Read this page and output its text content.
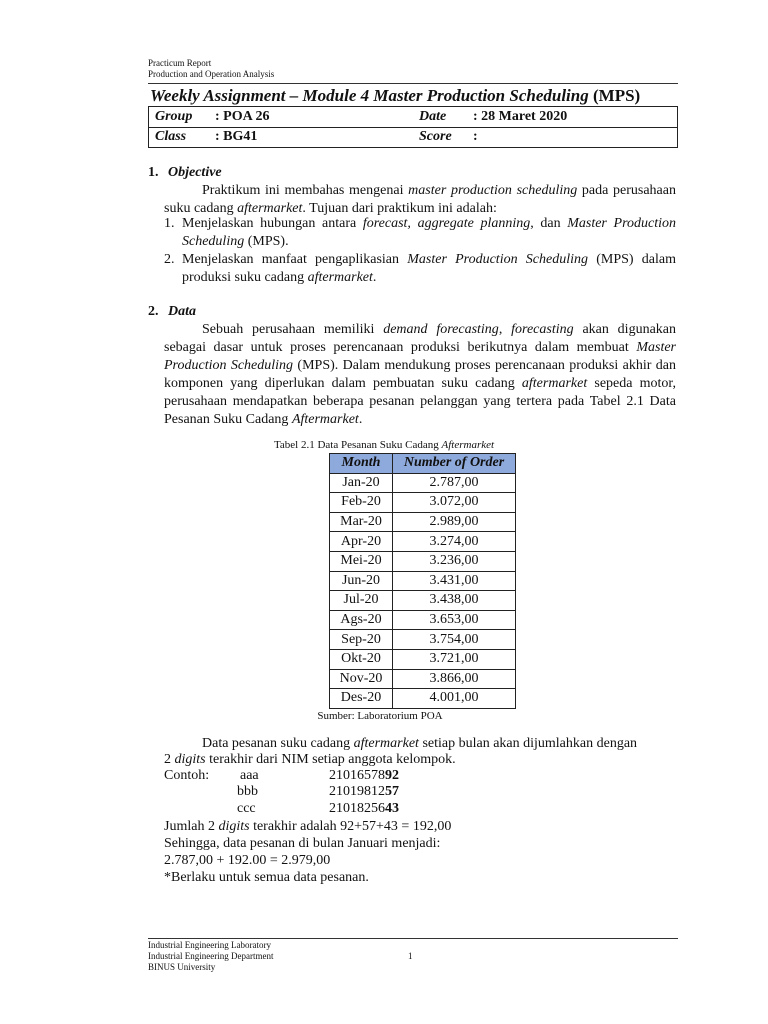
Practicum Report
Production and Operation Analysis
Weekly Assignment – Module 4 Master Production Scheduling (MPS)
Group : POA 26	Date : 28 Maret 2020
Class : BG41	Score :
1. Objective
Praktikum ini membahas mengenai master production scheduling pada perusahaan suku cadang aftermarket. Tujuan dari praktikum ini adalah:
1. Menjelaskan hubungan antara forecast, aggregate planning, dan Master Production Scheduling (MPS).
2. Menjelaskan manfaat pengaplikasian Master Production Scheduling (MPS) dalam produksi suku cadang aftermarket.
2. Data
Sebuah perusahaan memiliki demand forecasting, forecasting akan digunakan sebagai dasar untuk proses perencanaan produksi berikutnya dalam membuat Master Production Scheduling (MPS). Dalam mendukung proses perencanaan produksi akhir dan komponen yang diperlukan dalam pembuatan suku cadang aftermarket sepeda motor, perusahaan mendapatkan beberapa pesanan pelanggan yang tertera pada Tabel 2.1 Data Pesanan Suku Cadang Aftermarket.
Tabel 2.1 Data Pesanan Suku Cadang Aftermarket
Month	Number of Order
Jan-20	2.787,00
Feb-20	3.072,00
Mar-20	2.989,00
Apr-20	3.274,00
Mei-20	3.236,00
Jun-20	3.431,00
Jul-20	3.438,00
Ags-20	3.653,00
Sep-20	3.754,00
Okt-20	3.721,00
Nov-20	3.866,00
Des-20	4.001,00
Sumber: Laboratorium POA
Data pesanan suku cadang aftermarket setiap bulan akan dijumlahkan dengan
2 digits terakhir dari NIM setiap anggota kelompok.
Contoh: aaa	2101657892
bbb	2101981257
ccc	2101825643
Jumlah 2 digits terakhir adalah 92+57+43 = 192,00
Sehingga, data pesanan di bulan Januari menjadi:
2.787,00 + 192.00 = 2.979,00
*Berlaku untuk semua data pesanan.
Industrial Engineering Laboratory
Industrial Engineering Department
BINUS University
1
